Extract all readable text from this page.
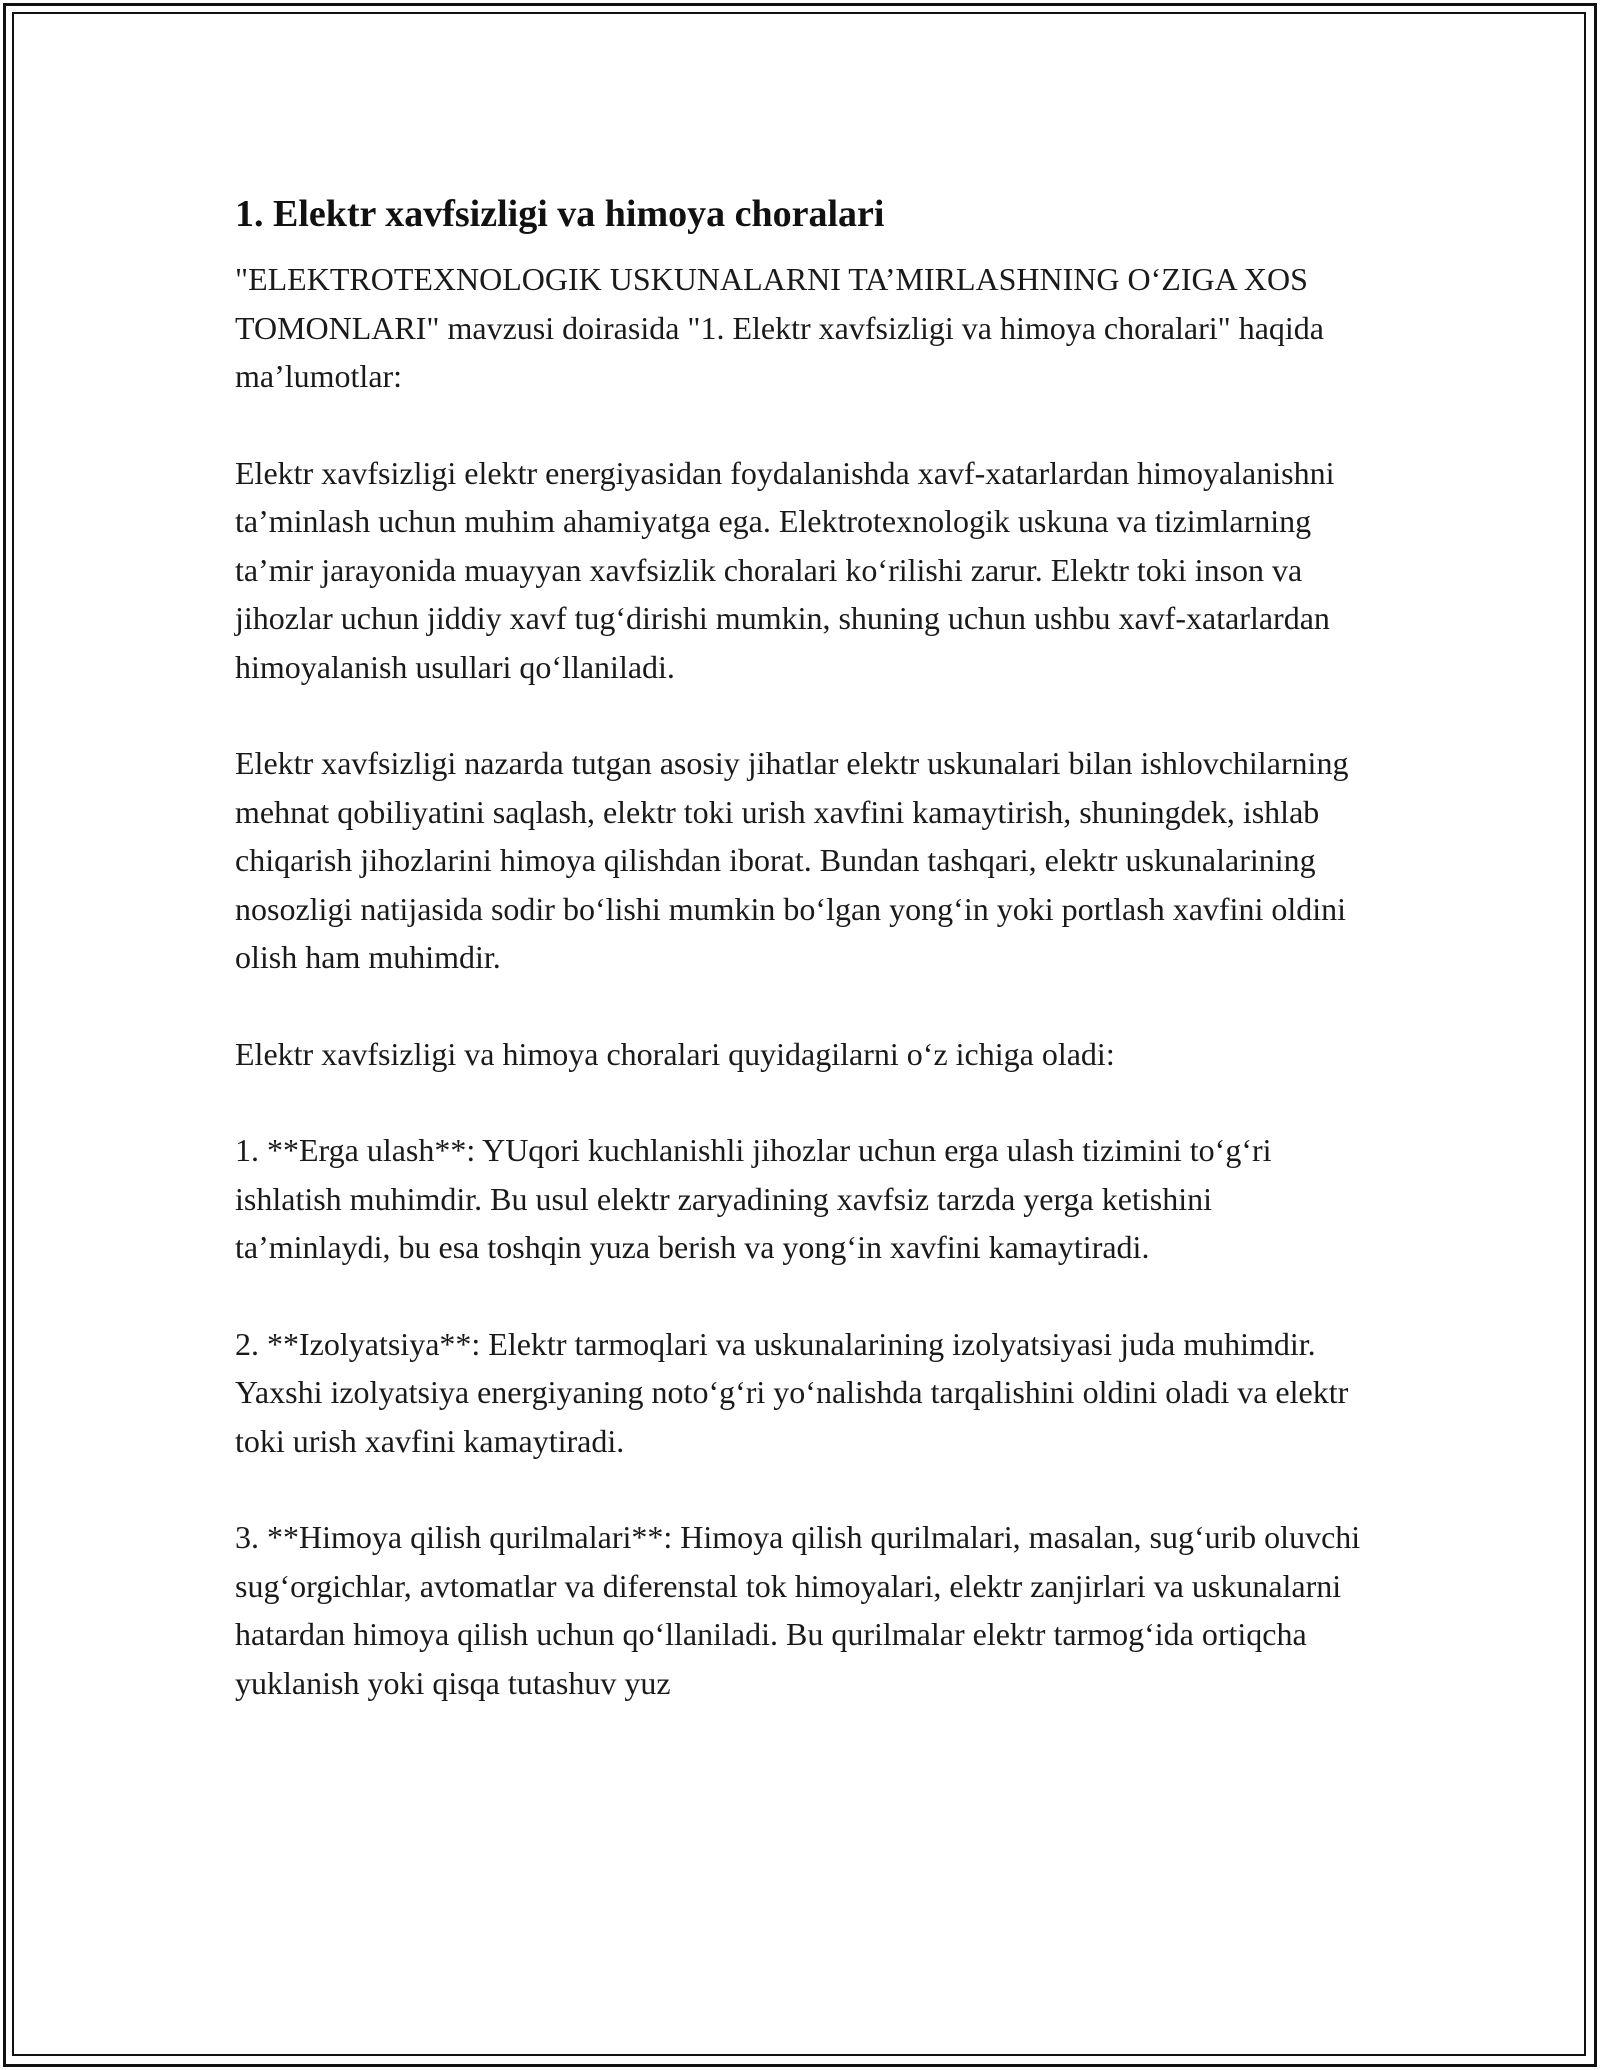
1. Elektr xavfsizligi va himoya choralari

"ELEKTROTEXNOLOGIK USKUNALARNI TA’MIRLASHNING O‘ZIGA XOS TOMONLARI" mavzusi doirasida "1. Elektr xavfsizligi va himoya choralari" haqida ma’lumotlar:

Elektr xavfsizligi elektr energiyasidan foydalanishda xavf-xatarlardan himoyalanishni ta’minlash uchun muhim ahamiyatga ega. Elektrotexnologik uskuna va tizimlarning ta’mir jarayonida muayyan xavfsizlik choralari ko‘rilishi zarur. Elektr toki inson va jihozlar uchun jiddiy xavf tug‘dirishi mumkin, shuning uchun ushbu xavf-xatarlardan himoyalanish usullari qo‘llaniladi.

Elektr xavfsizligi nazarda tutgan asosiy jihatlar elektr uskunalari bilan ishlovchilarning mehnat qobiliyatini saqlash, elektr toki urish xavfini kamaytirish, shuningdek, ishlab chiqarish jihozlarini himoya qilishdan iborat. Bundan tashqari, elektr uskunalarining nosozligi natijasida sodir bo‘lishi mumkin bo‘lgan yong‘in yoki portlash xavfini oldini olish ham muhimdir.

Elektr xavfsizligi va himoya choralari quyidagilarni o‘z ichiga oladi:

1. **Erga ulash**: YUqori kuchlanishli jihozlar uchun erga ulash tizimini to‘g‘ri ishlatish muhimdir. Bu usul elektr zaryadining xavfsiz tarzda yerga ketishini ta’minlaydi, bu esa toshqin yuza berish va yong‘in xavfini kamaytiradi.

2. **Izolyatsiya**: Elektr tarmoqlari va uskunalarining izolyatsiyasi juda muhimdir. Yaxshi izolyatsiya energiyaning noto‘g‘ri yo‘nalishda tarqalishini oldini oladi va elektr toki urish xavfini kamaytiradi.

3. **Himoya qilish qurilmalari**: Himoya qilish qurilmalari, masalan, sug‘urib oluvchi sug‘orgichlar, avtomatlar va diferenstal tok himoyalari, elektr zanjirlari va uskunalarni hatardan himoya qilish uchun qo‘llaniladi. Bu qurilmalar elektr tarmog‘ida ortiqcha yuklanish yoki qisqa tutashuv yuz
